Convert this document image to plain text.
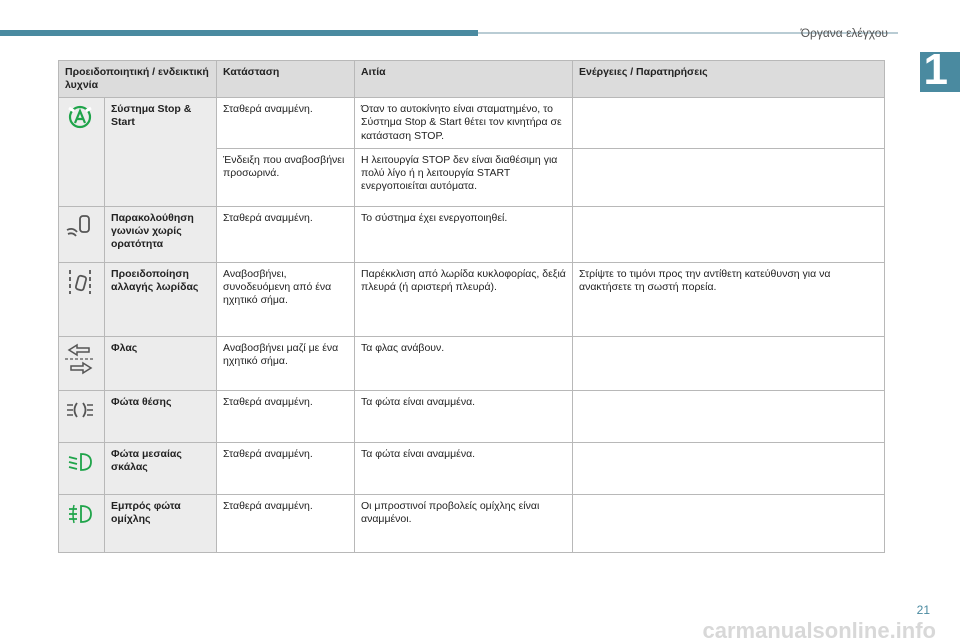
Όργανα ελέγχου
1
Προειδοποιητική / ενδεικτική λυχνία		Κατάσταση	Αιτία	Ενέργειες / Παρατηρήσεις
	Σύστημα Stop & Start	Σταθερά αναμμένη.	Όταν το αυτοκίνητο είναι σταματημένο, το Σύστημα Stop & Start θέτει τον κινητήρα σε κατάσταση STOP.	
		Ένδειξη που αναβοσβήνει προσωρινά.	Η λειτουργία STOP δεν είναι διαθέσιμη για πολύ λίγο ή η λειτουργία START ενεργοποιείται αυτόματα.	
	Παρακολούθηση γωνιών χωρίς ορατότητα	Σταθερά αναμμένη.	Το σύστημα έχει ενεργοποιηθεί.	
	Προειδοποίηση αλλαγής λωρίδας	Αναβοσβήνει, συνοδευόμενη από ένα ηχητικό σήμα.	Παρέκκλιση από λωρίδα κυκλοφορίας, δεξιά πλευρά (ή αριστερή πλευρά).	Στρίψτε το τιμόνι προς την αντίθετη κατεύθυνση για να ανακτήσετε τη σωστή πορεία.
	Φλας	Αναβοσβήνει μαζί με ένα ηχητικό σήμα.	Τα φλας ανάβουν.	
	Φώτα θέσης	Σταθερά αναμμένη.	Τα φώτα είναι αναμμένα.	
	Φώτα μεσαίας σκάλας	Σταθερά αναμμένη.	Τα φώτα είναι αναμμένα.	
	Εμπρός φώτα ομίχλης	Σταθερά αναμμένη.	Οι μπροστινοί προβολείς ομίχλης είναι αναμμένοι.	
21
carmanualsonline.info
